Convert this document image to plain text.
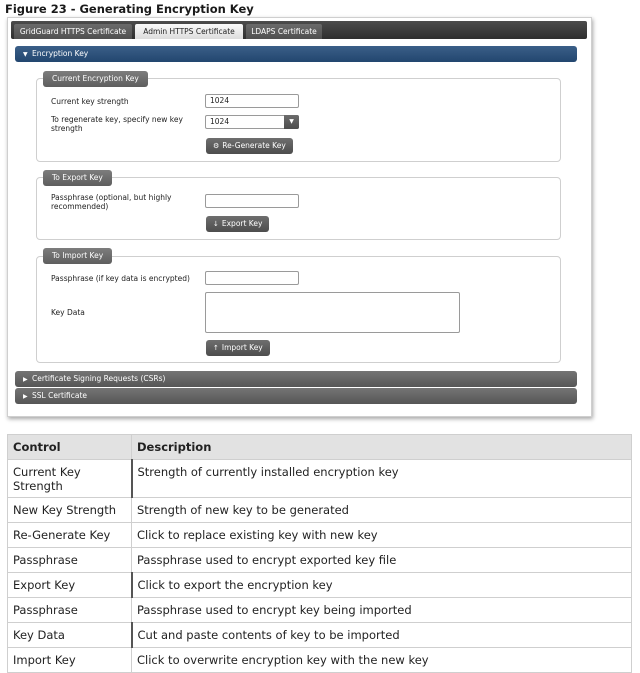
Figure 23 - Generating Encryption Key
GridGuard HTTPS Certificate	Admin HTTPS Certificate	LDAPS Certificate
▼ Encryption Key
Current Encryption Key
Current key strength	1024
To regenerate key, specify new key strength
1024	▼
⚙ Re-Generate Key
To Export Key
Passphrase (optional, but highly recommended)
↓ Export Key
To Import Key
Passphrase (if key data is encrypted)
Key Data
↑ Import Key
▶ Certificate Signing Requests (CSRs)
▶ SSL Certificate
Control	Description
Current Key Strength	Strength of currently installed encryption key
New Key Strength	Strength of new key to be generated
Re-Generate Key	Click to replace existing key with new key
Passphrase	Passphrase used to encrypt exported key file
Export Key	Click to export the encryption key
Passphrase	Passphrase used to encrypt key being imported
Key Data	Cut and paste contents of key to be imported
Import Key	Click to overwrite encryption key with the new key
